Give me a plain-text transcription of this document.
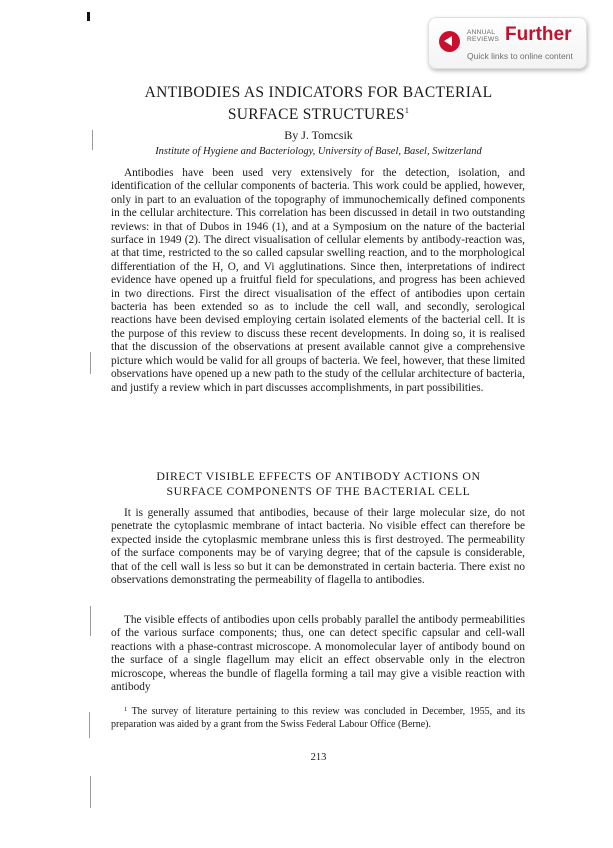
ANNUAL
REVIEWS Further
Quick links to online content
ANTIBODIES AS INDICATORS FOR BACTERIAL
SURFACE STRUCTURES$^1$
By J. Tomcsik
Institute of Hygiene and Bacteriology, University of Basel, Basel, Switzerland

Antibodies have been used very extensively for the detection, isolation, and identification of the cellular components of bacteria. This work could be applied, however, only in part to an evaluation of the topography of immunochemically defined components in the cellular architecture. This correlation has been discussed in detail in two outstanding reviews: in that of Dubos in 1946 (1), and at a Symposium on the nature of the bacterial surface in 1949 (2). The direct visualisation of cellular elements by antibody-reaction was, at that time, restricted to the so called capsular swelling reaction, and to the morphological differentiation of the H, O, and Vi agglutinations. Since then, interpretations of indirect evidence have opened up a fruitful field for speculations, and progress has been achieved in two directions. First the direct visualisation of the effect of antibodies upon certain bacteria has been extended so as to include the cell wall, and secondly, serological reactions have been devised employing certain isolated elements of the bacterial cell. It is the purpose of this review to discuss these recent developments. In doing so, it is realised that the discussion of the observations at present available cannot give a comprehensive picture which would be valid for all groups of bacteria. We feel, however, that these limited observations have opened up a new path to the study of the cellular architecture of bacteria, and justify a review which in part discusses accomplishments, in part possibilities.

DIRECT VISIBLE EFFECTS OF ANTIBODY ACTIONS ON
SURFACE COMPONENTS OF THE BACTERIAL CELL

It is generally assumed that antibodies, because of their large molecular size, do not penetrate the cytoplasmic membrane of intact bacteria. No visible effect can therefore be expected inside the cytoplasmic membrane unless this is first destroyed. The permeability of the surface components may be of varying degree; that of the capsule is considerable, that of the cell wall is less so but it can be demonstrated in certain bacteria. There exist no observations demonstrating the permeability of flagella to antibodies.

The visible effects of antibodies upon cells probably parallel the antibody permeabilities of the various surface components; thus, one can detect specific capsular and cell-wall reactions with a phase-contrast microscope. A monomolecular layer of antibody bound on the surface of a single flagellum may elicit an effect observable only in the electron microscope, whereas the bundle of flagella forming a tail may give a visible reaction with antibody

$^1$ The survey of literature pertaining to this review was concluded in December, 1955, and its preparation was aided by a grant from the Swiss Federal Labour Office (Berne).

213
